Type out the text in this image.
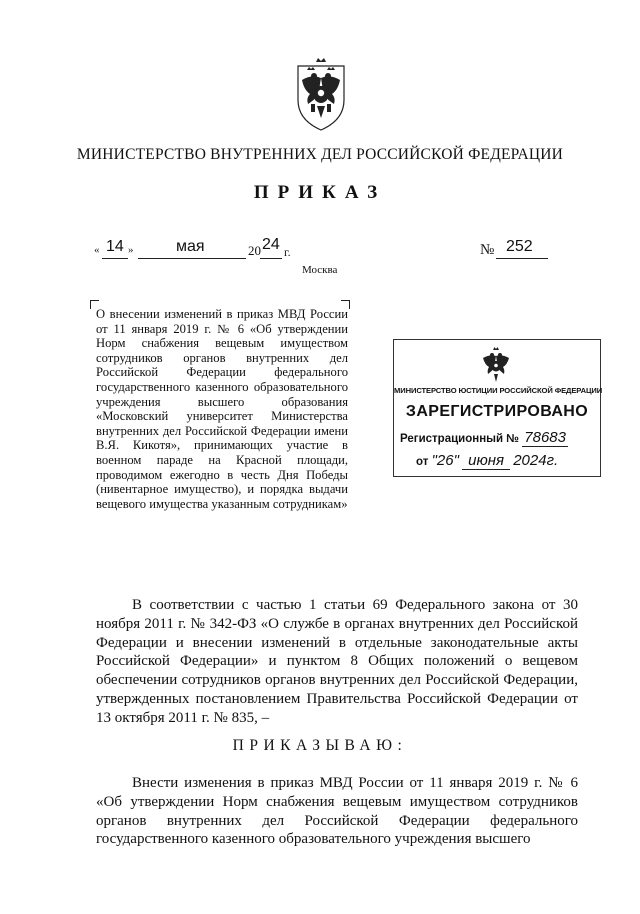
МИНИСТЕРСТВО ВНУТРЕННИХ ДЕЛ РОССИЙСКОЙ ФЕДЕРАЦИИ
ПРИКАЗ
« 14 »	мая	20 24 г.	№ 252
Москва
О внесении изменений в приказ МВД России от 11 января 2019 г. № 6 «Об утверждении Норм снабжения вещевым имуществом сотрудников органов внутренних дел Российской Федерации федерального государственного казенного образовательного учреждения высшего образования «Московский университет Министерства внутренних дел Российской Федерации имени В.Я. Кикотя», принимающих участие в военном параде на Красной площади, проводимом ежегодно в честь Дня Победы (нивентарное имущество), и порядка выдачи вещевого имущества указанным сотрудникам»
МИНИСТЕРСТВО ЮСТИЦИИ РОССИЙСКОЙ ФЕДЕРАЦИИ
ЗАРЕГИСТРИРОВАНО
Регистрационный № 78683
от "26" июня 2024г.
В соответствии с частью 1 статьи 69 Федерального закона от 30 ноября 2011 г. № 342-ФЗ «О службе в органах внутренних дел Российской Федерации и внесении изменений в отдельные законодательные акты Российской Федерации» и пунктом 8 Общих положений о вещевом обеспечении сотрудников органов внутренних дел Российской Федерации, утвержденных постановлением Правительства Российской Федерации от 13 октября 2011 г. № 835, –
ПРИКАЗЫВАЮ:
Внести изменения в приказ МВД России от 11 января 2019 г. № 6 «Об утверждении Норм снабжения вещевым имуществом сотрудников органов внутренних дел Российской Федерации федерального государственного казенного образовательного учреждения высшего
